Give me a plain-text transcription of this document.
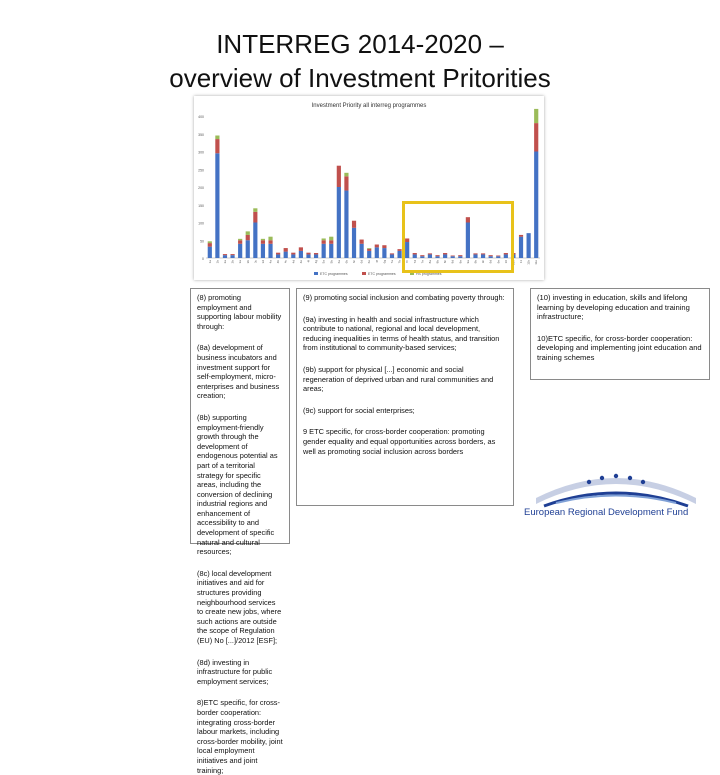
INTERREG 2014-2020 –
overview of Investment Pritorities
Investment Priority all interreg programmes
0
50
100
150
200
250
300
350
400
1a 1b 2a 2b 3a 3b 3c 3d 4a 4b 4c 4d 4e 4f 4g 5a 5b 6a 6b 6c 6d 6e 6f 6g 7a 7b 7c 7d 7e 8a 8b 8c 8d 8e 9a 9b 9c 9d 9e 10 10e 11 11b 11e
ETC programmes	ETC programmes	HS programmes

(8) promoting employment and supporting labour mobility through:

(8a) development of business incubators and investment support for self-employment, micro-enterprises and business creation;

(8b) supporting employment-friendly growth through the development of endogenous potential as part of a territorial strategy for specific areas, including the conversion of declining industrial regions and enhancement of accessibility to and development of specific natural and cultural resources;

(8c) local development initiatives and aid for structures providing neighbourhood services to create new jobs, where such actions are outside the scope of Regulation (EU) No [...]/2012 [ESF];

(8d) investing in infrastructure for public employment services;

8)ETC specific, for cross-border cooperation: integrating cross-border labour markets, including cross-border mobility, joint local employment initiatives and joint training;

(9) promoting social inclusion and combating poverty through:

(9a) investing in health and social infrastructure which contribute to national, regional and local development, reducing inequalities in terms of health status, and transition from institutional to community-based services;

(9b) support for physical [...] economic and social regeneration of deprived urban and rural communities and areas;

(9c) support for social enterprises;

9 ETC specific, for cross-border cooperation: promoting gender equality and equal opportunities across borders, as well as promoting social inclusion across borders

(10) investing in education, skills and lifelong learning by developing education and training infrastructure;

10)ETC specific, for cross-border cooperation: developing and implementing joint education and training schemes

European Regional Development Fund
